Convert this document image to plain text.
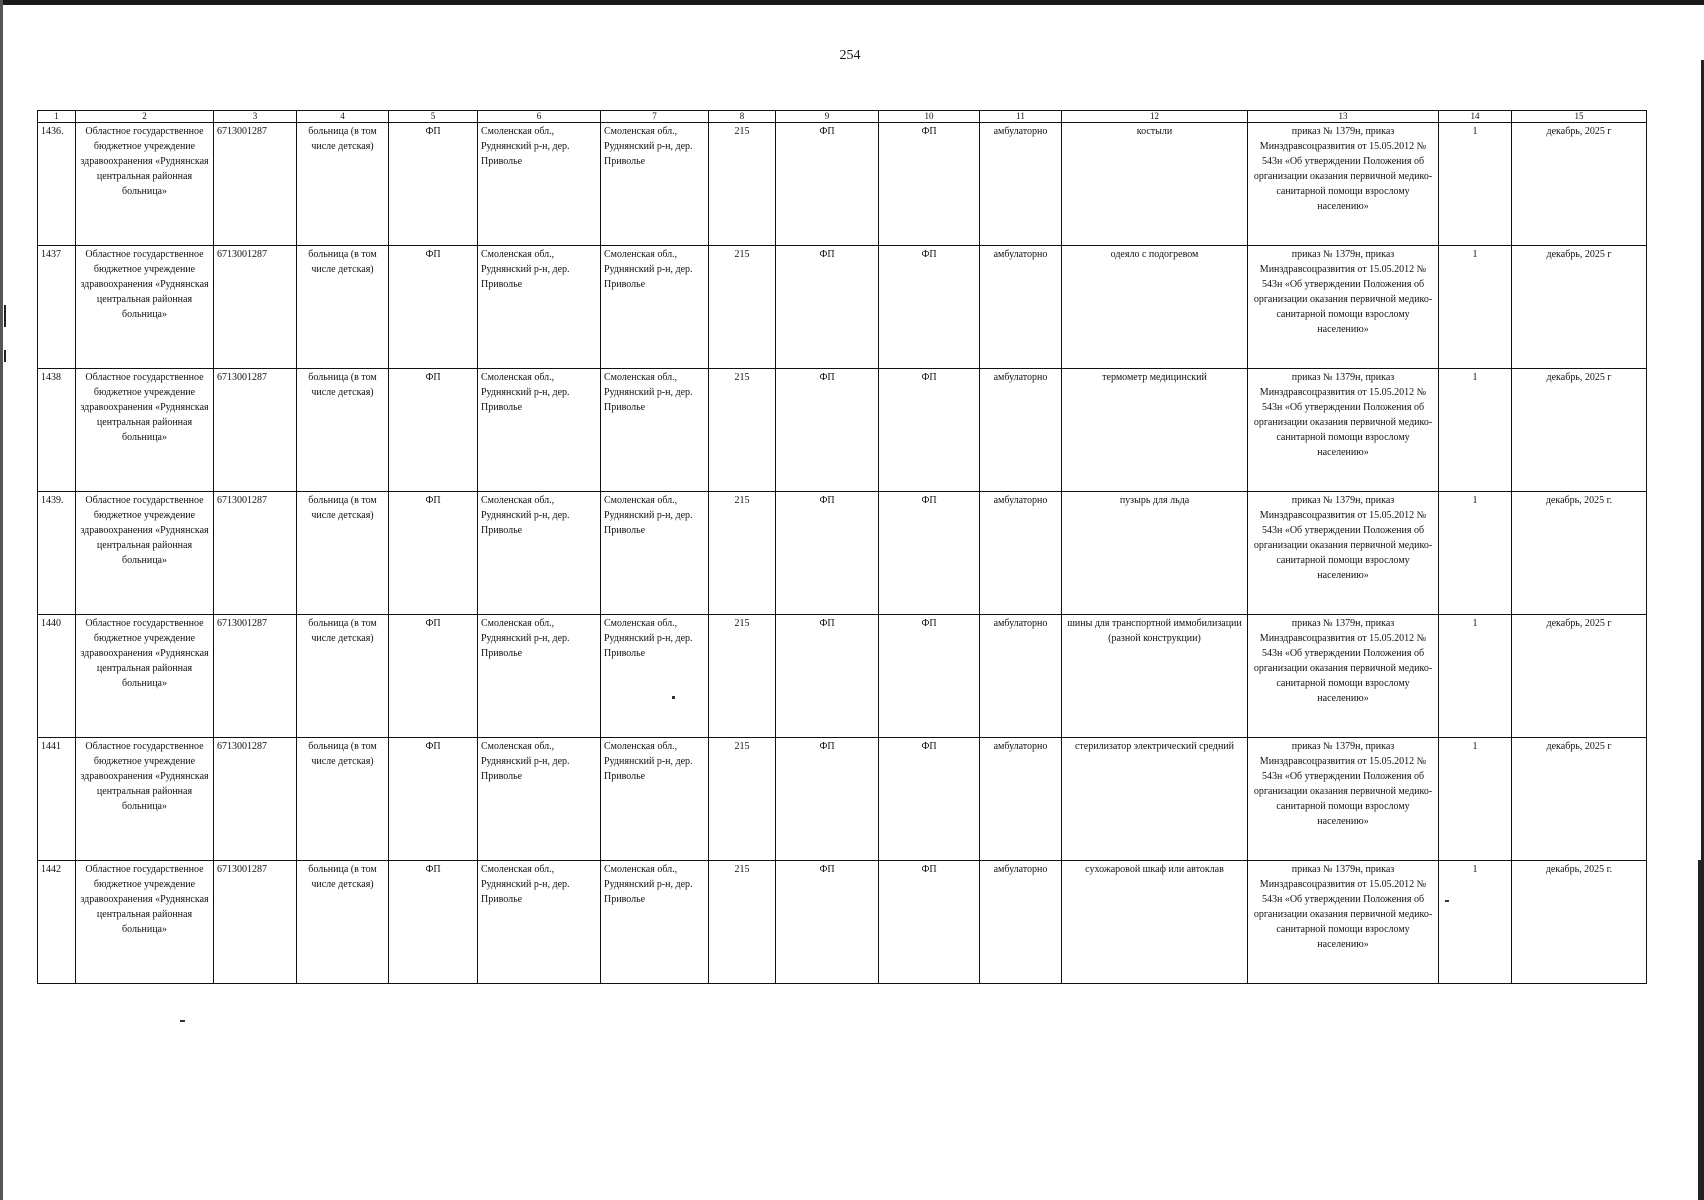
254
1	2	3	4	5	6	7	8	9	10	11	12	13	14	15
1436.	Областное государственное бюджетное учреждение здравоохранения «Руднянская центральная районная больница»	6713001287	больница (в том числе детская)	ФП	Смоленская обл., Руднянский р-н, дер. Приволье	Смоленская обл., Руднянский р-н, дер. Приволье	215	ФП	ФП	амбулаторно	костыли	приказ № 1379н, приказ Минздравсоцразвития от 15.05.2012 № 543н «Об утверждении Положения об организации оказания первичной медико-санитарной помощи взрослому населению»	1	декабрь, 2025 г
1437	Областное государственное бюджетное учреждение здравоохранения «Руднянская центральная районная больница»	6713001287	больница (в том числе детская)	ФП	Смоленская обл., Руднянский р-н, дер. Приволье	Смоленская обл., Руднянский р-н, дер. Приволье	215	ФП	ФП	амбулаторно	одеяло с подогревом	приказ № 1379н, приказ Минздравсоцразвития от 15.05.2012 № 543н «Об утверждении Положения об организации оказания первичной медико-санитарной помощи взрослому населению»	1	декабрь, 2025 г
1438	Областное государственное бюджетное учреждение здравоохранения «Руднянская центральная районная больница»	6713001287	больница (в том числе детская)	ФП	Смоленская обл., Руднянский р-н, дер. Приволье	Смоленская обл., Руднянский р-н, дер. Приволье	215	ФП	ФП	амбулаторно	термометр медицинский	приказ № 1379н, приказ Минздравсоцразвития от 15.05.2012 № 543н «Об утверждении Положения об организации оказания первичной медико-санитарной помощи взрослому населению»	1	декабрь, 2025 г
1439.	Областное государственное бюджетное учреждение здравоохранения «Руднянская центральная районная больница»	6713001287	больница (в том числе детская)	ФП	Смоленская обл., Руднянский р-н, дер. Приволье	Смоленская обл., Руднянский р-н, дер. Приволье	215	ФП	ФП	амбулаторно	пузырь для льда	приказ № 1379н, приказ Минздравсоцразвития от 15.05.2012 № 543н «Об утверждении Положения об организации оказания первичной медико-санитарной помощи взрослому населению»	1	декабрь, 2025 г.
1440	Областное государственное бюджетное учреждение здравоохранения «Руднянская центральная районная больница»	6713001287	больница (в том числе детская)	ФП	Смоленская обл., Руднянский р-н, дер. Приволье	Смоленская обл., Руднянский р-н, дер. Приволье	215	ФП	ФП	амбулаторно	шины для транспортной иммобилизации (разной конструкции)	приказ № 1379н, приказ Минздравсоцразвития от 15.05.2012 № 543н «Об утверждении Положения об организации оказания первичной медико-санитарной помощи взрослому населению»	1	декабрь, 2025 г
1441	Областное государственное бюджетное учреждение здравоохранения «Руднянская центральная районная больница»	6713001287	больница (в том числе детская)	ФП	Смоленская обл., Руднянский р-н, дер. Приволье	Смоленская обл., Руднянский р-н, дер. Приволье	215	ФП	ФП	амбулаторно	стерилизатор электрический средний	приказ № 1379н, приказ Минздравсоцразвития от 15.05.2012 № 543н «Об утверждении Положения об организации оказания первичной медико-санитарной помощи взрослому населению»	1	декабрь, 2025 г
1442	Областное государственное бюджетное учреждение здравоохранения «Руднянская центральная районная больница»	6713001287	больница (в том числе детская)	ФП	Смоленская обл., Руднянский р-н, дер. Приволье	Смоленская обл., Руднянский р-н, дер. Приволье	215	ФП	ФП	амбулаторно	сухожаровой шкаф или автоклав	приказ № 1379н, приказ Минздравсоцразвития от 15.05.2012 № 543н «Об утверждении Положения об организации оказания первичной медико-санитарной помощи взрослому населению»	1	декабрь, 2025 г.
